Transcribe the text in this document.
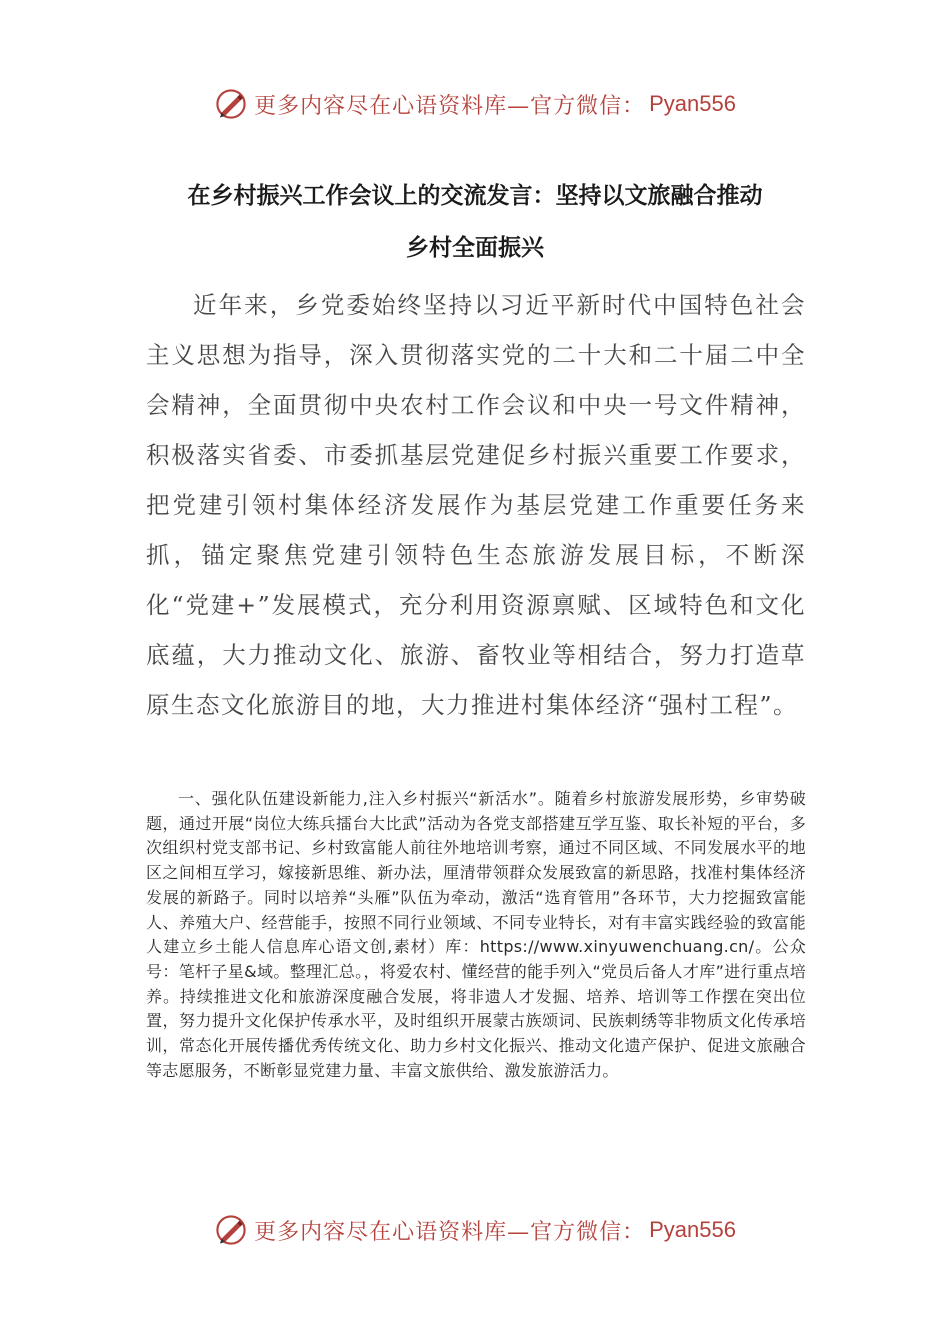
更多内容尽在心语资料库—官方微信： Pyan556
在乡村振兴工作会议上的交流发言：坚持以文旅融合推动
乡村全面振兴

近年来，乡党委始终坚持以习近平新时代中国特色社会主义思想为指导，深入贯彻落实党的二十大和二十届二中全会精神，全面贯彻中央农村工作会议和中央一号文件精神，积极落实省委、市委抓基层党建促乡村振兴重要工作要求，把党建引领村集体经济发展作为基层党建工作重要任务来抓，锚定聚焦党建引领特色生态旅游发展目标，不断深化“党建+”发展模式，充分利用资源禀赋、区域特色和文化底蕴，大力推动文化、旅游、畜牧业等相结合，努力打造草原生态文化旅游目的地，大力推进村集体经济“强村工程”。

一、强化队伍建设新能力,注入乡村振兴“新活水”。随着乡村旅游发展形势，乡审势破题，通过开展“岗位大练兵擂台大比武”活动为各党支部搭建互学互鉴、取长补短的平台，多次组织村党支部书记、乡村致富能人前往外地培训考察，通过不同区域、不同发展水平的地区之间相互学习，嫁接新思维、新办法，厘清带领群众发展致富的新思路，找准村集体经济发展的新路子。同时以培养“头雁”队伍为牵动，激活“选育管用”各环节，大力挖掘致富能人、养殖大户、经营能手，按照不同行业领域、不同专业特长，对有丰富实践经验的致富能人建立乡土能人信息库心语文创,素材）库：https://www.xinyuwenchuang.cn/。公众号：笔杆子星&域。整理汇总。，将爱农村、懂经营的能手列入“党员后备人才库”进行重点培养。持续推进文化和旅游深度融合发展，将非遗人才发掘、培养、培训等工作摆在突出位置，努力提升文化保护传承水平，及时组织开展蒙古族颂词、民族刺绣等非物质文化传承培训，常态化开展传播优秀传统文化、助力乡村文化振兴、推动文化遗产保护、促进文旅融合等志愿服务，不断彰显党建力量、丰富文旅供给、激发旅游活力。

更多内容尽在心语资料库—官方微信： Pyan556
